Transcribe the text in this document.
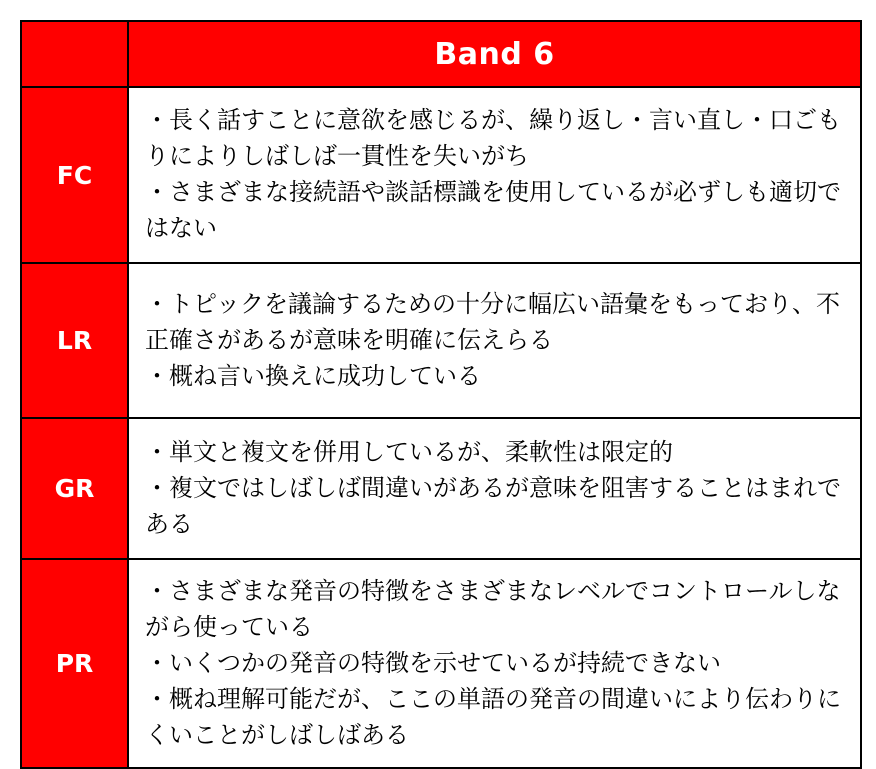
	Band 6
FC	・長く話すことに意欲を感じるが、繰り返し・言い直し・口ごもりによりしばしば一貫性を失いがち
・さまざまな接続語や談話標識を使用しているが必ずしも適切ではない

LR	・トピックを議論するための十分に幅広い語彙をもっており、不正確さがあるが意味を明確に伝えらる
・概ね言い換えに成功している

GR	・単文と複文を併用しているが、柔軟性は限定的
・複文ではしばしば間違いがあるが意味を阻害することはまれである

PR	・さまざまな発音の特徴をさまざまなレベルでコントロールしながら使っている
・いくつかの発音の特徴を示せているが持続できない
・概ね理解可能だが、ここの単語の発音の間違いにより伝わりにくいことがしばしばある
